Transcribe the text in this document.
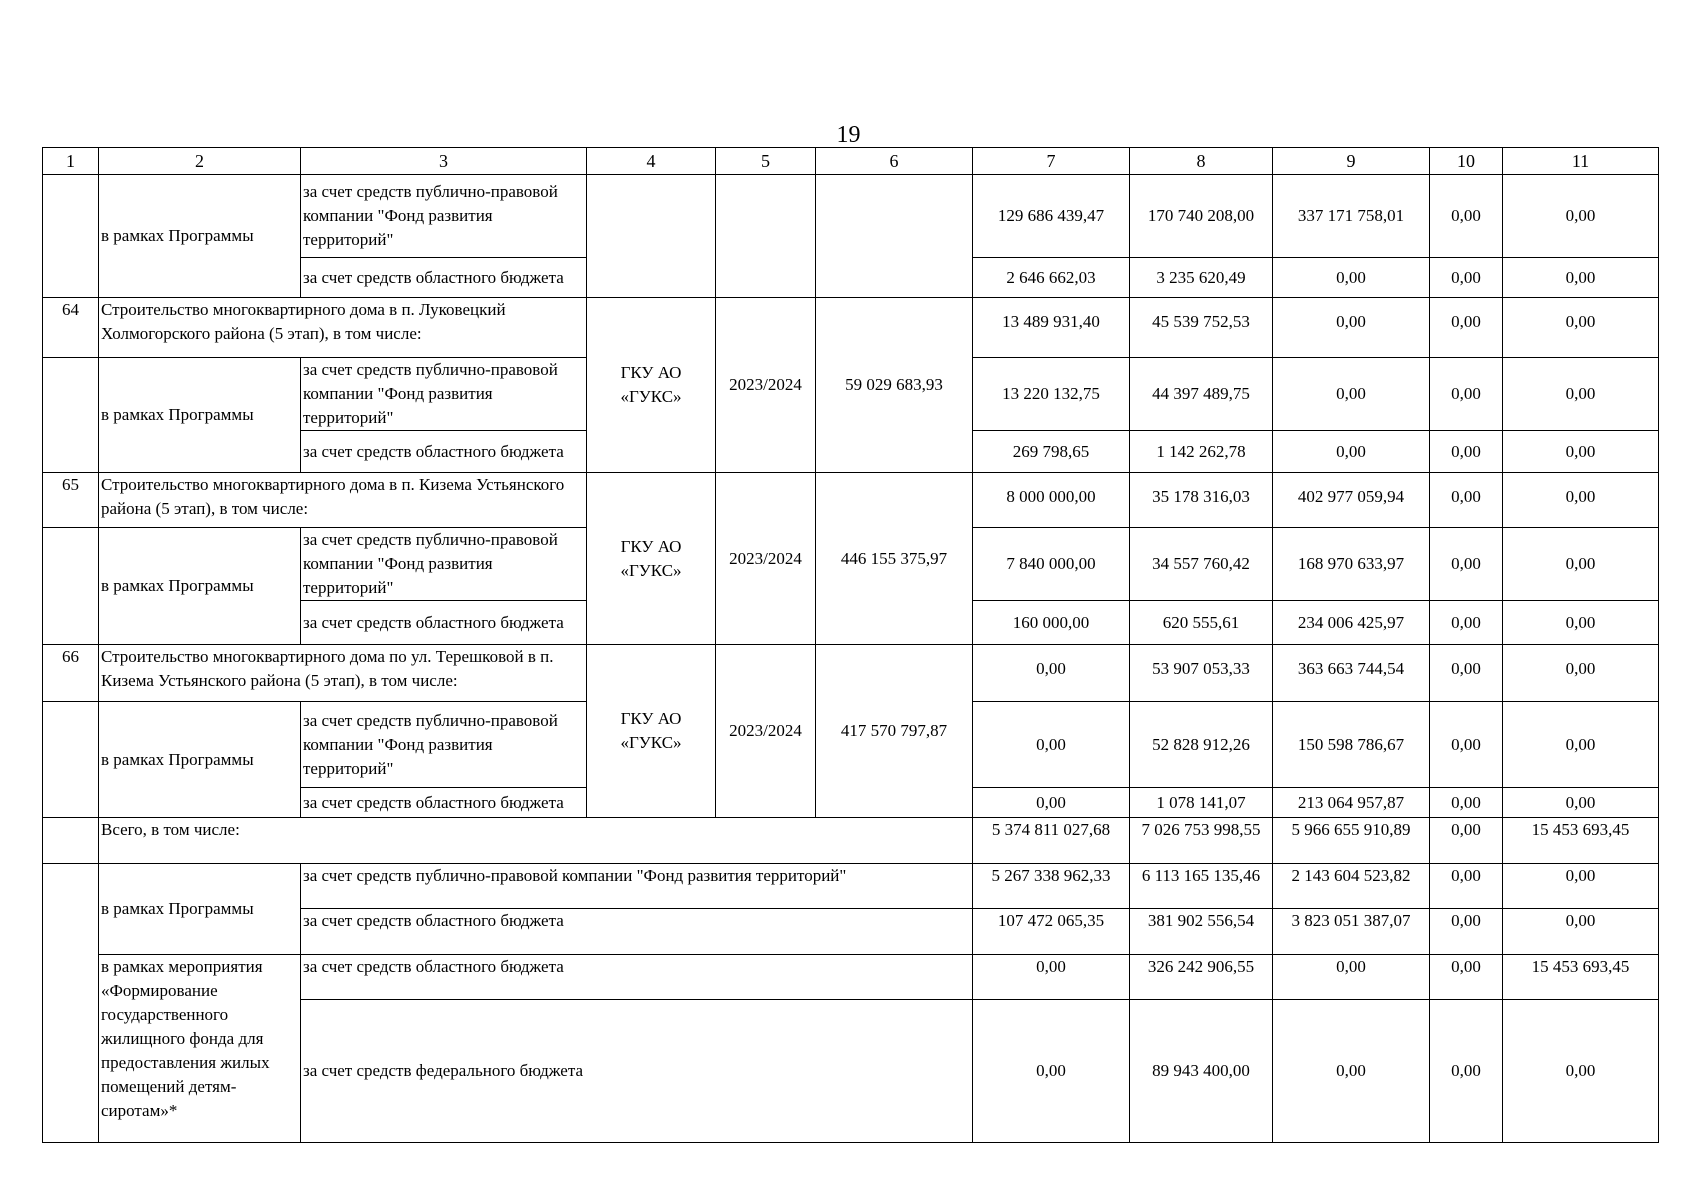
19
1	2	3	4	5	6	7	8	9	10	11
	в рамках Программы	за счет средств публично-правовой компании "Фонд развития территорий"				129 686 439,47	170 740 208,00	337 171 758,01	0,00	0,00
		за счет средств областного бюджета				2 646 662,03	3 235 620,49	0,00	0,00	0,00
64	Строительство многоквартирного дома в п. Луковецкий Холмогорского района (5 этап), в том числе:		ГКУ АО «ГУКС»	2023/2024	59 029 683,93	13 489 931,40	45 539 752,53	0,00	0,00	0,00
	в рамках Программы	за счет средств публично-правовой компании "Фонд развития территорий"				13 220 132,75	44 397 489,75	0,00	0,00	0,00
		за счет средств областного бюджета				269 798,65	1 142 262,78	0,00	0,00	0,00
65	Строительство многоквартирного дома в п. Кизема Устьянского района (5 этап), в том числе:		ГКУ АО «ГУКС»	2023/2024	446 155 375,97	8 000 000,00	35 178 316,03	402 977 059,94	0,00	0,00
	в рамках Программы	за счет средств публично-правовой компании "Фонд развития территорий"				7 840 000,00	34 557 760,42	168 970 633,97	0,00	0,00
		за счет средств областного бюджета				160 000,00	620 555,61	234 006 425,97	0,00	0,00
66	Строительство многоквартирного дома по ул. Терешковой в п. Кизема Устьянского района (5 этап), в том числе:		ГКУ АО «ГУКС»	2023/2024	417 570 797,87	0,00	53 907 053,33	363 663 744,54	0,00	0,00
	в рамках Программы	за счет средств публично-правовой компании "Фонд развития территорий"				0,00	52 828 912,26	150 598 786,67	0,00	0,00
		за счет средств областного бюджета				0,00	1 078 141,07	213 064 957,87	0,00	0,00
	Всего, в том числе:					5 374 811 027,68	7 026 753 998,55	5 966 655 910,89	0,00	15 453 693,45
	в рамках Программы	за счет средств публично-правовой компании "Фонд развития территорий"				5 267 338 962,33	6 113 165 135,46	2 143 604 523,82	0,00	0,00
		за счет средств областного бюджета				107 472 065,35	381 902 556,54	3 823 051 387,07	0,00	0,00
	в рамках мероприятия «Формирование государственного жилищного фонда для предоставления жилых помещений детям-сиротам»*	за счет средств областного бюджета				0,00	326 242 906,55	0,00	0,00	15 453 693,45
		за счет средств федерального бюджета				0,00	89 943 400,00	0,00	0,00	0,00
